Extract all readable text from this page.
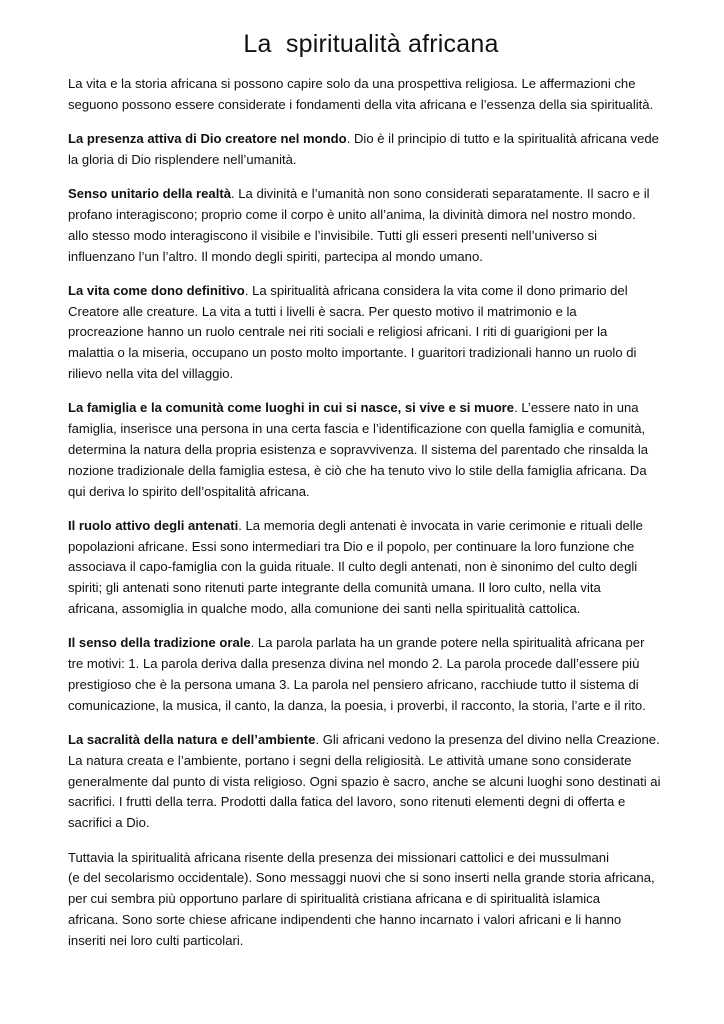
La  spiritualità africana

La vita e la storia africana si possono capire solo da una prospettiva religiosa. Le affermazioni che
seguono possono essere considerate i fondamenti della vita africana e l’essenza della sia spiritualità.

La presenza attiva di Dio creatore nel mondo. Dio è il principio di tutto e la spiritualità africana vede
la gloria di Dio risplendere nell’umanità.

Senso unitario della realtà. La divinità e l’umanità non sono considerati separatamente. Il sacro e il
profano interagiscono; proprio come il corpo è unito all’anima, la divinità dimora nel nostro mondo.
allo stesso modo interagiscono il visibile e l’invisibile. Tutti gli esseri presenti nell’universo si
influenzano l’un l’altro. Il mondo degli spiriti, partecipa al mondo umano.

La vita come dono definitivo. La spiritualità africana considera la vita come il dono primario del
Creatore alle creature. La vita a tutti i livelli è sacra. Per questo motivo il matrimonio e la
procreazione hanno un ruolo centrale nei riti sociali e religiosi africani. I riti di guarigioni per la
malattia o la miseria, occupano un posto molto importante. I guaritori tradizionali hanno un ruolo di
rilievo nella vita del villaggio.

La famiglia e la comunità come luoghi in cui si nasce, si vive e si muore. L’essere nato in una
famiglia, inserisce una persona in una certa fascia e l’identificazione con quella famiglia e comunità,
determina la natura della propria esistenza e sopravvivenza. Il sistema del parentado che rinsalda la
nozione tradizionale della famiglia estesa, è ciò che ha tenuto vivo lo stile della famiglia africana. Da
qui deriva lo spirito dell’ospitalità africana.

Il ruolo attivo degli antenati. La memoria degli antenati è invocata in varie cerimonie e rituali delle
popolazioni africane. Essi sono intermediari tra Dio e il popolo, per continuare la loro funzione che
associava il capo-famiglia con la guida rituale. Il culto degli antenati, non è sinonimo del culto degli
spiriti; gli antenati sono ritenuti parte integrante della comunità umana. Il loro culto, nella vita
africana, assomiglia in qualche modo, alla comunione dei santi nella spiritualità cattolica.

Il senso della tradizione orale. La parola parlata ha un grande potere nella spiritualità africana per
tre motivi: 1. La parola deriva dalla presenza divina nel mondo 2. La parola procede dall’essere più
prestigioso che è la persona umana 3. La parola nel pensiero africano, racchiude tutto il sistema di
comunicazione, la musica, il canto, la danza, la poesia, i proverbi, il racconto, la storia, l’arte e il rito.

La sacralità della natura e dell’ambiente. Gli africani vedono la presenza del divino nella Creazione.
La natura creata e l’ambiente, portano i segni della religiosità. Le attività umane sono considerate
generalmente dal punto di vista religioso. Ogni spazio è sacro, anche se alcuni luoghi sono destinati ai
sacrifici. I frutti della terra. Prodotti dalla fatica del lavoro, sono ritenuti elementi degni di offerta e
sacrifici a Dio.

Tuttavia la spiritualità africana risente della presenza dei missionari cattolici e dei mussulmani
(e del secolarismo occidentale). Sono messaggi nuovi che si sono inserti nella grande storia africana,
per cui sembra più opportuno parlare di spiritualità cristiana africana e di spiritualità islamica
africana. Sono sorte chiese africane indipendenti che hanno incarnato i valori africani e li hanno
inseriti nei loro culti particolari.
